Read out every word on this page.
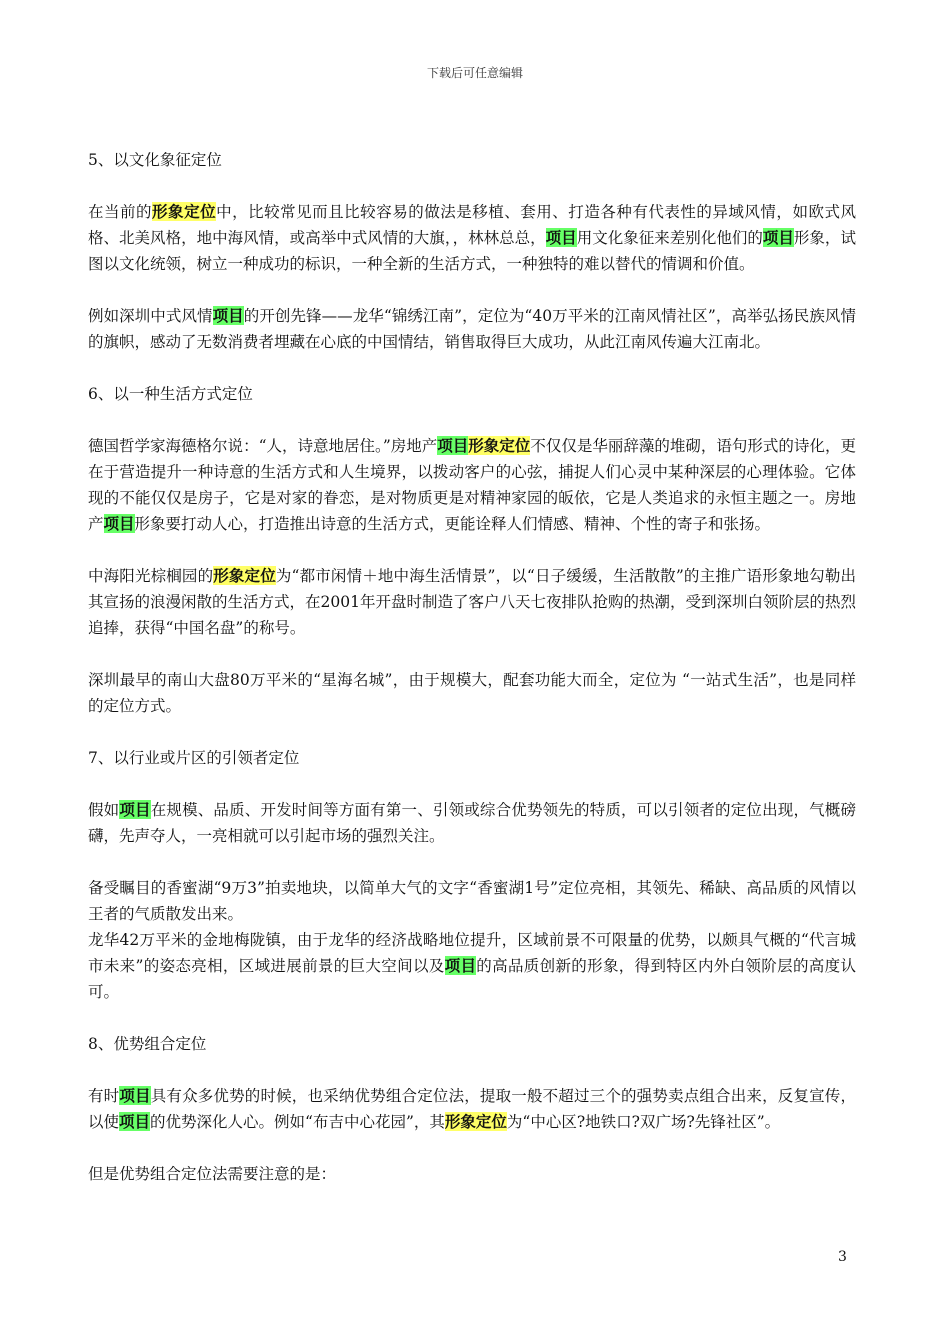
下载后可任意编辑

5、以文化象征定位

在当前的形象定位中，比较常见而且比较容易的做法是移植、套用、打造各种有代表性的异域风情，如欧式风格、北美风格，地中海风情，或高举中式风情的大旗，，林林总总，项目用文化象征来差别化他们的项目形象，试图以文化统领，树立一种成功的标识，一种全新的生活方式，一种独特的难以替代的情调和价值。

例如深圳中式风情项目的开创先锋——龙华“锦绣江南”，定位为“40万平米的江南风情社区”，高举弘扬民族风情的旗帜，感动了无数消费者埋藏在心底的中国情结，销售取得巨大成功，从此江南风传遍大江南北。

6、以一种生活方式定位

德国哲学家海德格尔说：“人，诗意地居住。”房地产项目形象定位不仅仅是华丽辞藻的堆砌，语句形式的诗化，更在于营造提升一种诗意的生活方式和人生境界，以拨动客户的心弦，捕捉人们心灵中某种深层的心理体验。它体现的不能仅仅是房子，它是对家的眷恋，是对物质更是对精神家园的皈依，它是人类追求的永恒主题之一。房地产项目形象要打动人心，打造推出诗意的生活方式，更能诠释人们情感、精神、个性的寄子和张扬。

中海阳光棕榈园的形象定位为“都市闲情＋地中海生活情景”，以“日子缓缓，生活散散”的主推广语形象地勾勒出其宣扬的浪漫闲散的生活方式，在2001年开盘时制造了客户八天七夜排队抢购的热潮，受到深圳白领阶层的热烈追捧，获得“中国名盘”的称号。

深圳最早的南山大盘80万平米的“星海名城”，由于规模大，配套功能大而全，定位为 “一站式生活”，也是同样的定位方式。

7、以行业或片区的引领者定位

假如项目在规模、品质、开发时间等方面有第一、引领或综合优势领先的特质，可以引领者的定位出现，气概磅礴，先声夺人，一亮相就可以引起市场的强烈关注。

备受瞩目的香蜜湖“9万3”拍卖地块，以简单大气的文字“香蜜湖1号”定位亮相，其领先、稀缺、高品质的风情以王者的气质散发出来。

龙华42万平米的金地梅陇镇，由于龙华的经济战略地位提升，区域前景不可限量的优势，以颇具气概的“代言城市未来”的姿态亮相，区域进展前景的巨大空间以及项目的高品质创新的形象，得到特区内外白领阶层的高度认可。

8、优势组合定位

有时项目具有众多优势的时候，也采纳优势组合定位法，提取一般不超过三个的强势卖点组合出来，反复宣传，以使项目的优势深化人心。例如“布吉中心花园”，其形象定位为“中心区?地铁口?双广场?先锋社区”。

但是优势组合定位法需要注意的是：

3
